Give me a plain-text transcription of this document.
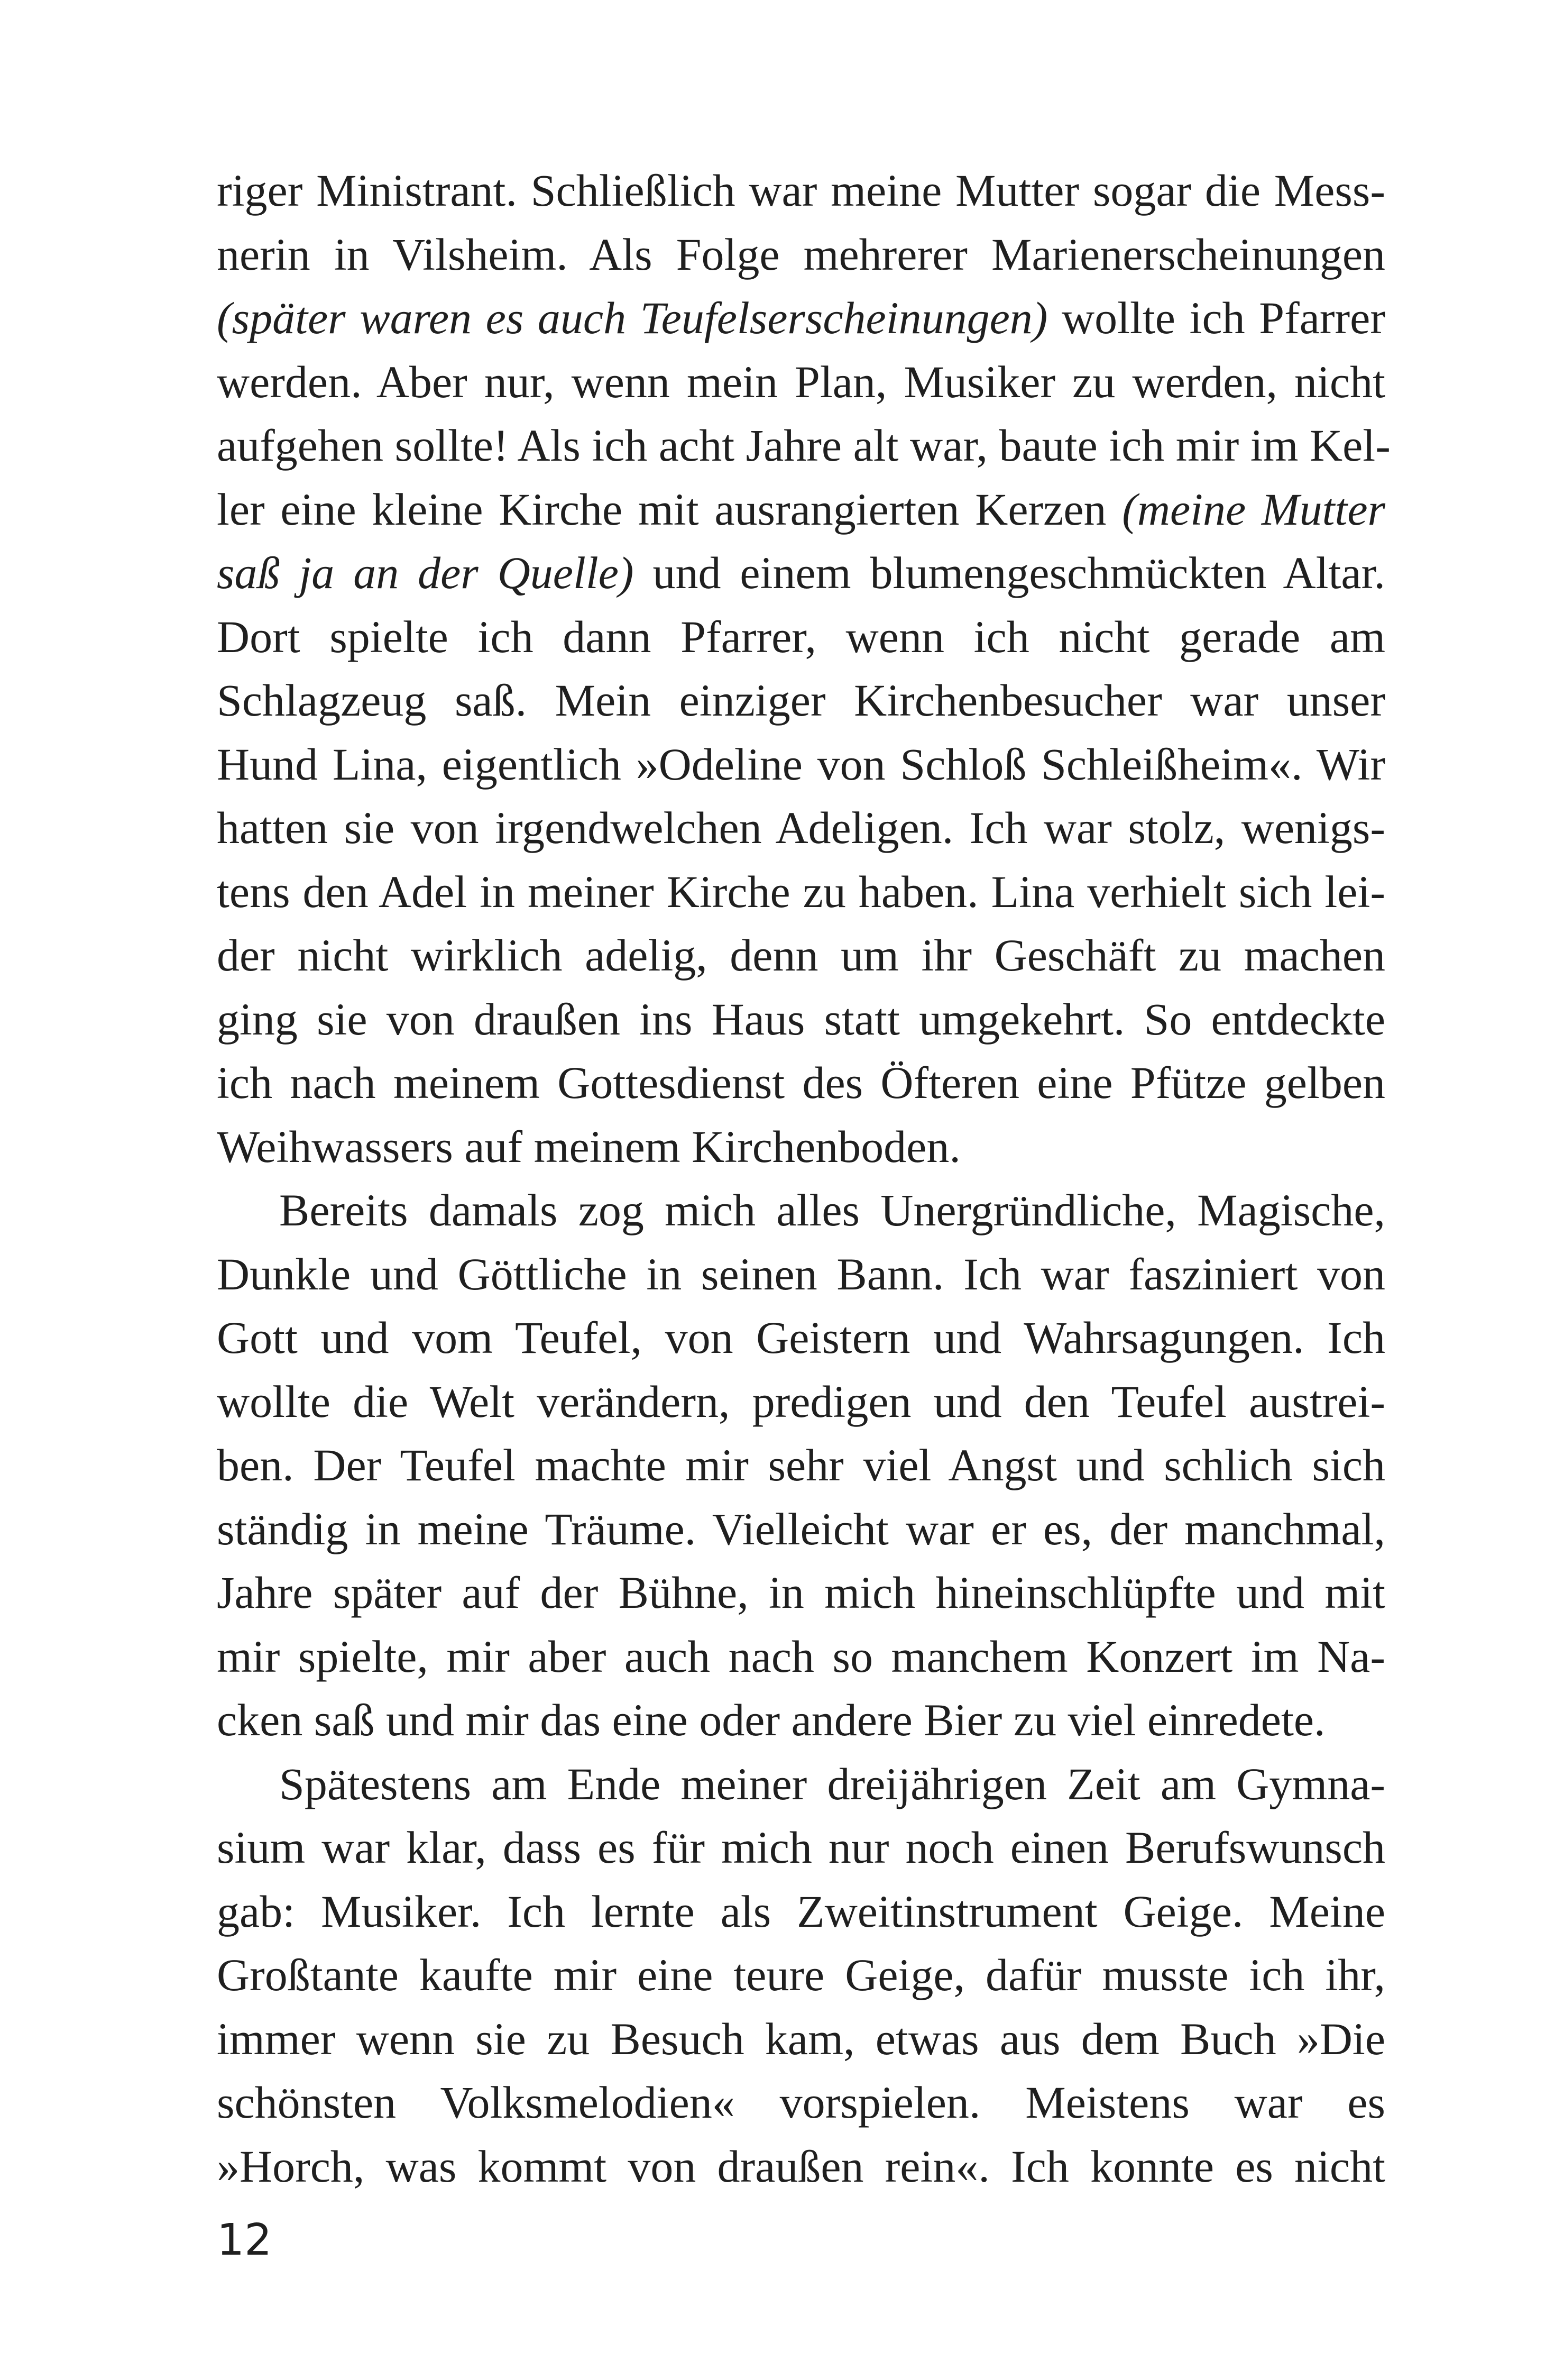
riger Ministrant. Schließlich war meine Mutter sogar die Mess-
nerin in Vilsheim. Als Folge mehrerer Marienerscheinungen
(später waren es auch Teufelserscheinungen) wollte ich Pfarrer
werden. Aber nur, wenn mein Plan, Musiker zu werden, nicht
aufgehen sollte! Als ich acht Jahre alt war, baute ich mir im Kel-
ler eine kleine Kirche mit ausrangierten Kerzen (meine Mutter
saß ja an der Quelle) und einem blumengeschmückten Altar.
Dort spielte ich dann Pfarrer, wenn ich nicht gerade am
Schlagzeug saß. Mein einziger Kirchenbesucher war unser
Hund Lina, eigentlich »Odeline von Schloß Schleißheim«. Wir
hatten sie von irgendwelchen Adeligen. Ich war stolz, wenigs-
tens den Adel in meiner Kirche zu haben. Lina verhielt sich lei-
der nicht wirklich adelig, denn um ihr Geschäft zu machen
ging sie von draußen ins Haus statt umgekehrt. So entdeckte
ich nach meinem Gottesdienst des Öfteren eine Pfütze gelben
Weihwassers auf meinem Kirchenboden.
Bereits damals zog mich alles Unergründliche, Magische,
Dunkle und Göttliche in seinen Bann. Ich war fasziniert von
Gott und vom Teufel, von Geistern und Wahrsagungen. Ich
wollte die Welt verändern, predigen und den Teufel austrei-
ben. Der Teufel machte mir sehr viel Angst und schlich sich
ständig in meine Träume. Vielleicht war er es, der manchmal,
Jahre später auf der Bühne, in mich hineinschlüpfte und mit
mir spielte, mir aber auch nach so manchem Konzert im Na-
cken saß und mir das eine oder andere Bier zu viel einredete.
Spätestens am Ende meiner dreijährigen Zeit am Gymna-
sium war klar, dass es für mich nur noch einen Berufswunsch
gab: Musiker. Ich lernte als Zweitinstrument Geige. Meine
Großtante kaufte mir eine teure Geige, dafür musste ich ihr,
immer wenn sie zu Besuch kam, etwas aus dem Buch »Die
schönsten Volksmelodien« vorspielen. Meistens war es
»Horch, was kommt von draußen rein«. Ich konnte es nicht
12
